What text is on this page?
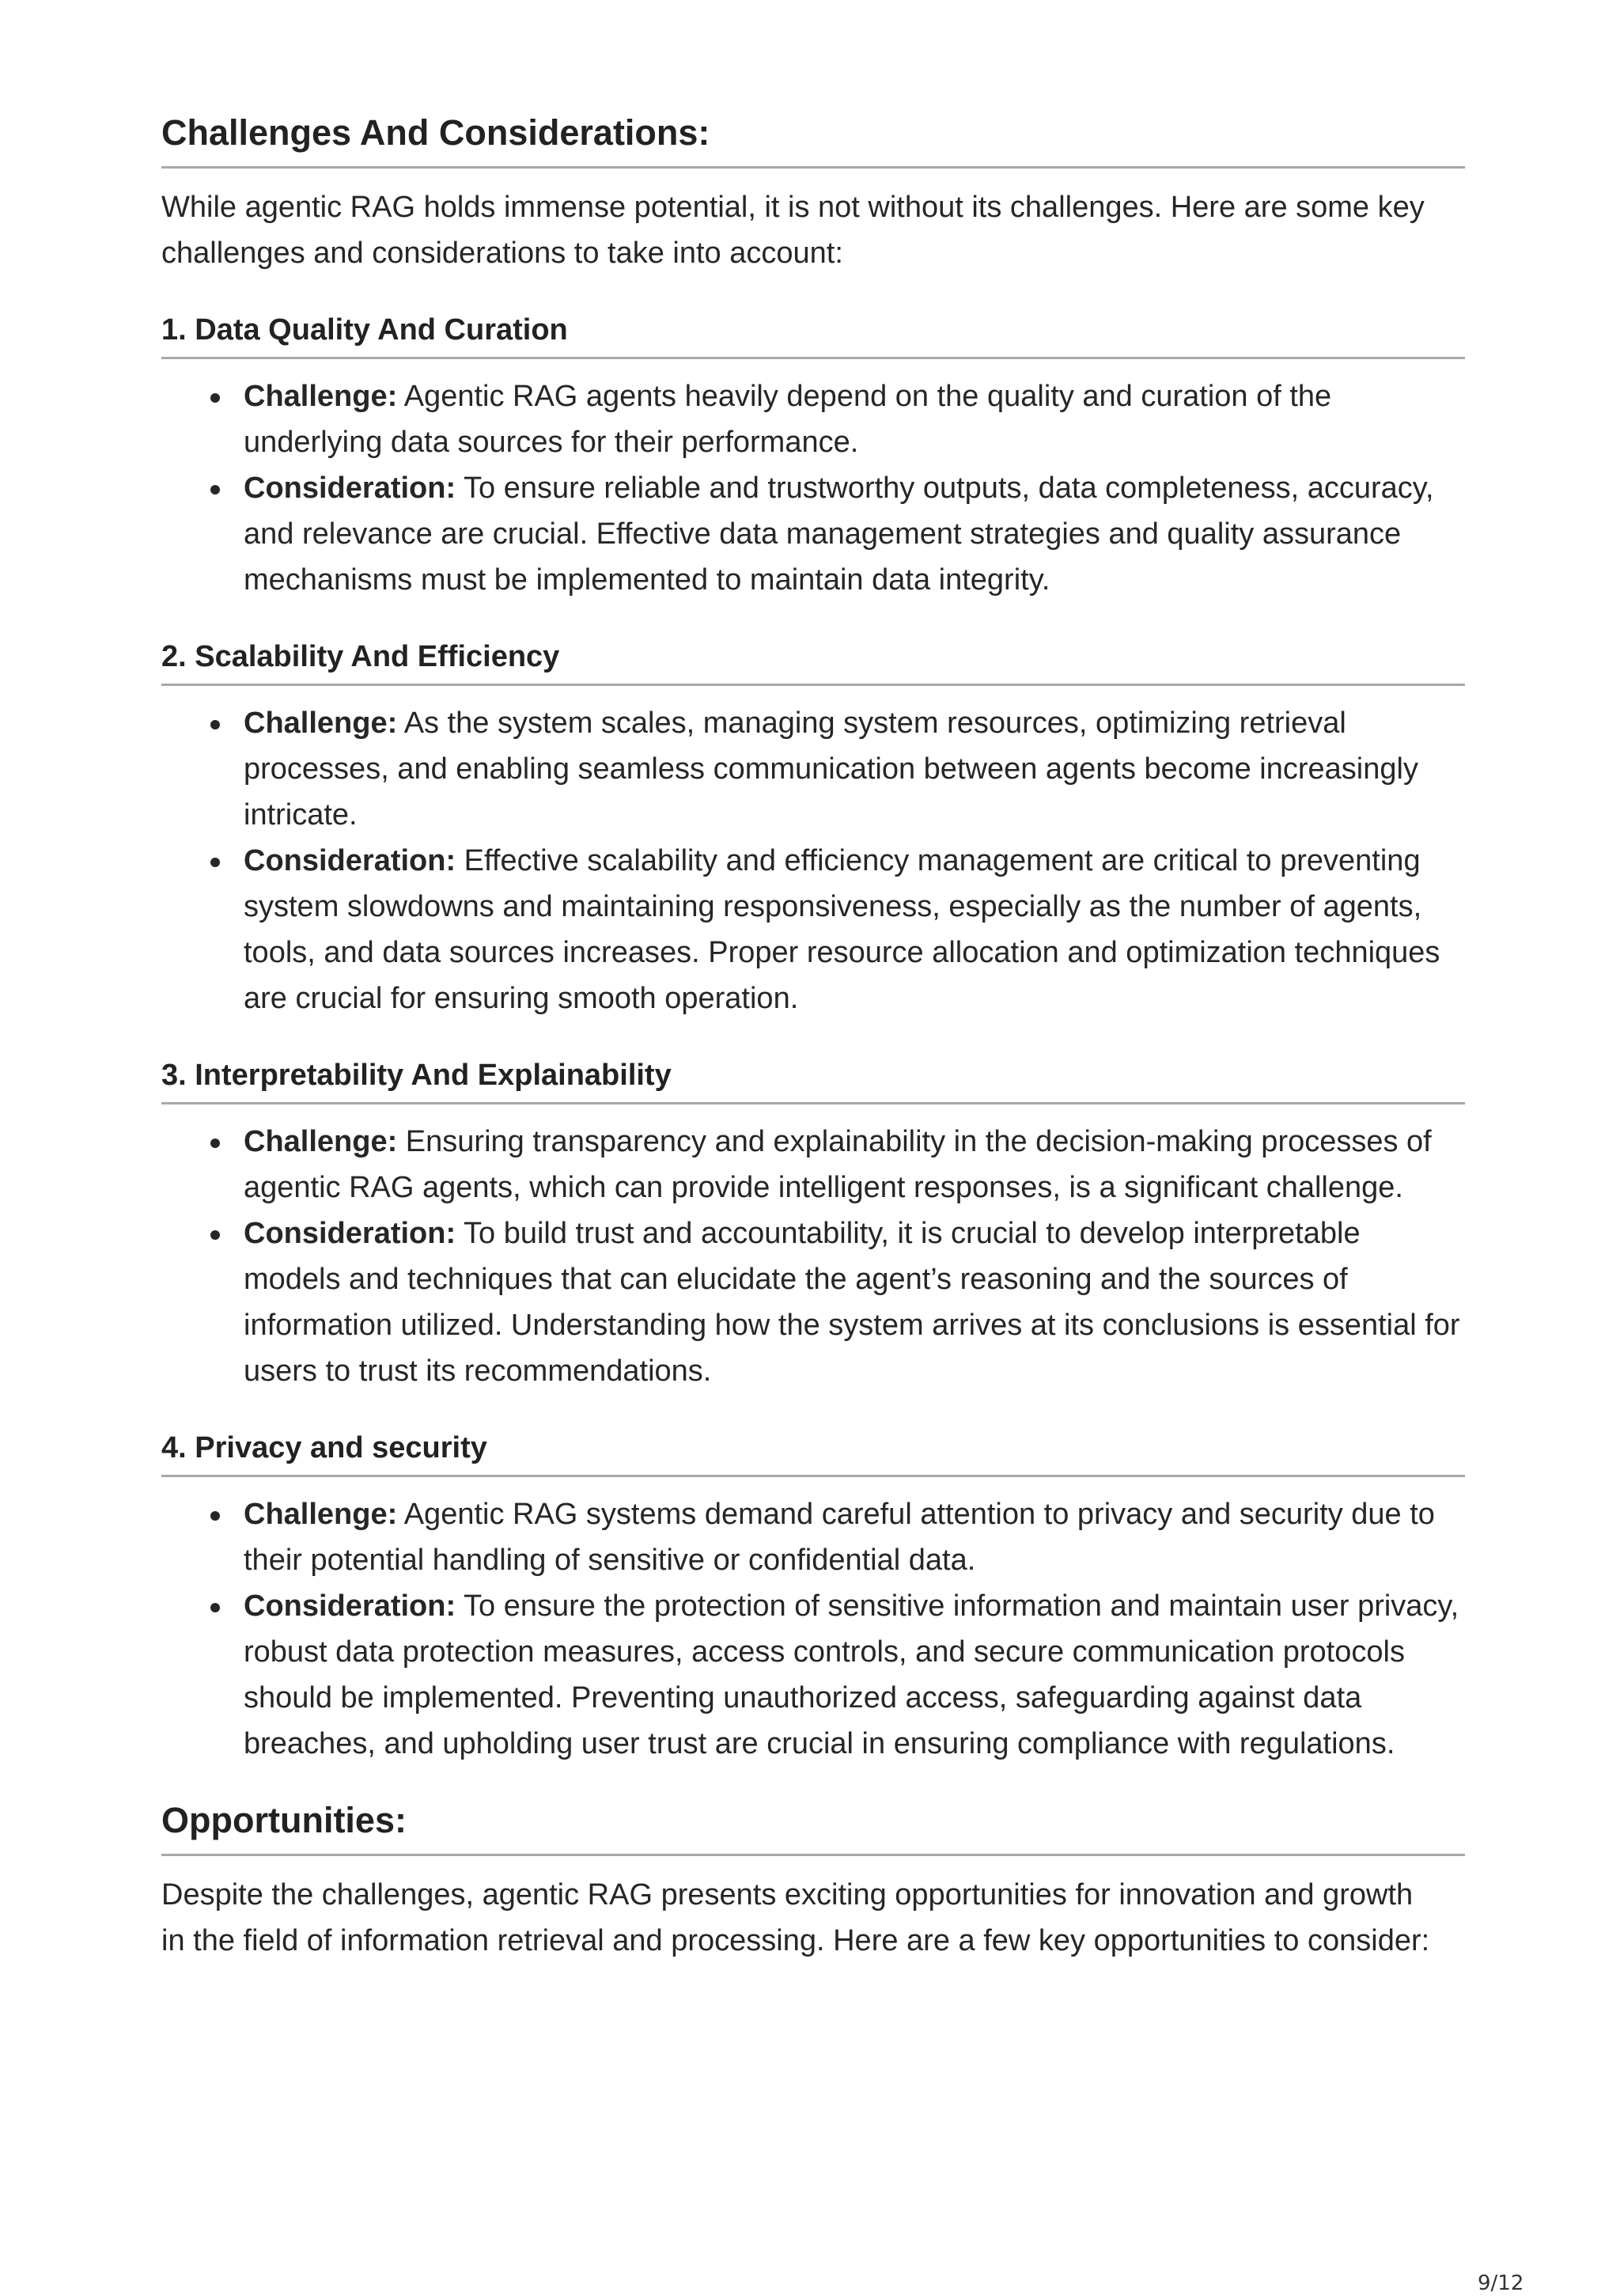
Challenges And Considerations:

While agentic RAG holds immense potential, it is not without its challenges. Here are some key challenges and considerations to take into account:

1. Data Quality And Curation
Challenge: Agentic RAG agents heavily depend on the quality and curation of the underlying data sources for their performance.
Consideration: To ensure reliable and trustworthy outputs, data completeness, accuracy, and relevance are crucial. Effective data management strategies and quality assurance mechanisms must be implemented to maintain data integrity.
2. Scalability And Efficiency
Challenge: As the system scales, managing system resources, optimizing retrieval processes, and enabling seamless communication between agents become increasingly intricate.
Consideration: Effective scalability and efficiency management are critical to preventing system slowdowns and maintaining responsiveness, especially as the number of agents, tools, and data sources increases. Proper resource allocation and optimization techniques are crucial for ensuring smooth operation.
3. Interpretability And Explainability
Challenge: Ensuring transparency and explainability in the decision-making processes of agentic RAG agents, which can provide intelligent responses, is a significant challenge.
Consideration: To build trust and accountability, it is crucial to develop interpretable models and techniques that can elucidate the agent’s reasoning and the sources of information utilized. Understanding how the system arrives at its conclusions is essential for users to trust its recommendations.
4. Privacy and security
Challenge: Agentic RAG systems demand careful attention to privacy and security due to their potential handling of sensitive or confidential data.
Consideration: To ensure the protection of sensitive information and maintain user privacy, robust data protection measures, access controls, and secure communication protocols should be implemented. Preventing unauthorized access, safeguarding against data breaches, and upholding user trust are crucial in ensuring compliance with regulations.
Opportunities:

Despite the challenges, agentic RAG presents exciting opportunities for innovation and growth in the field of information retrieval and processing. Here are a few key opportunities to consider:

9/12
